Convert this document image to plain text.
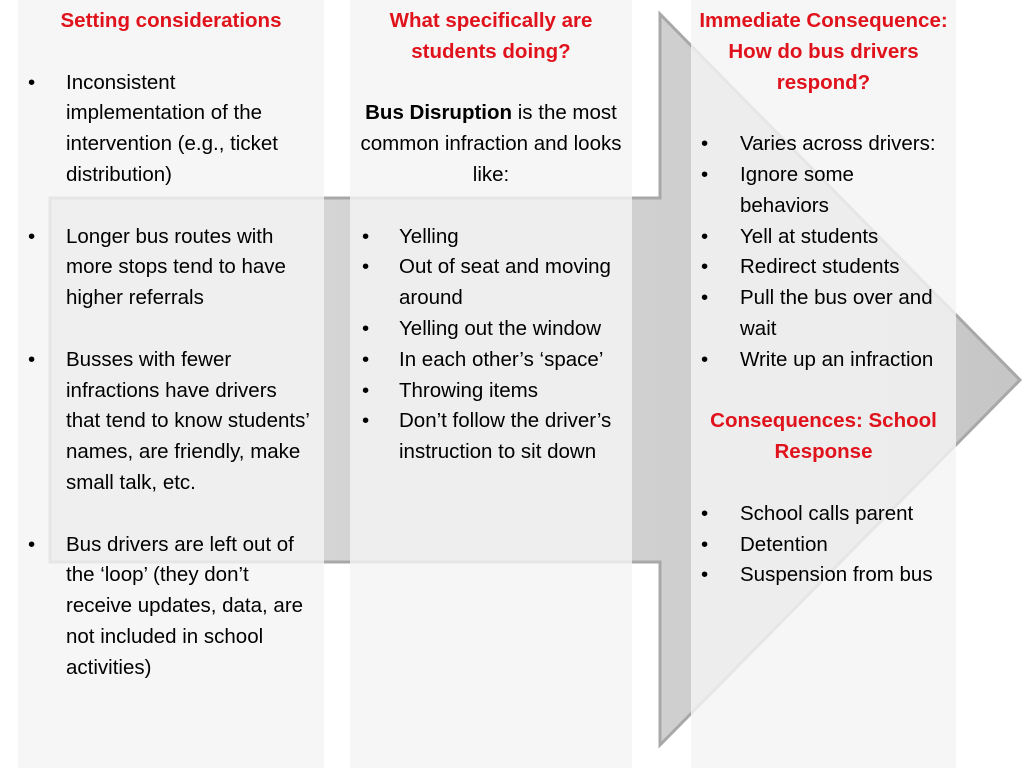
Setting considerations
• Inconsistent implementation of the intervention (e.g., ticket distribution)
• Longer bus routes with more stops tend to have higher referrals
• Busses with fewer infractions have drivers that tend to know students’ names, are friendly, make small talk, etc.
• Bus drivers are left out of the ‘loop’ (they don’t receive updates, data, are not included in school activities)
What specifically are students doing?
Bus Disruption is the most common infraction and looks like:
• Yelling
• Out of seat and moving around
• Yelling out the window
• In each other’s ‘space’
• Throwing items
• Don’t follow the driver’s instruction to sit down
Immediate Consequence: How do bus drivers respond?
• Varies across drivers:
• Ignore some behaviors
• Yell at students
• Redirect students
• Pull the bus over and wait
• Write up an infraction
Consequences: School Response
• School calls parent
• Detention
• Suspension from bus
